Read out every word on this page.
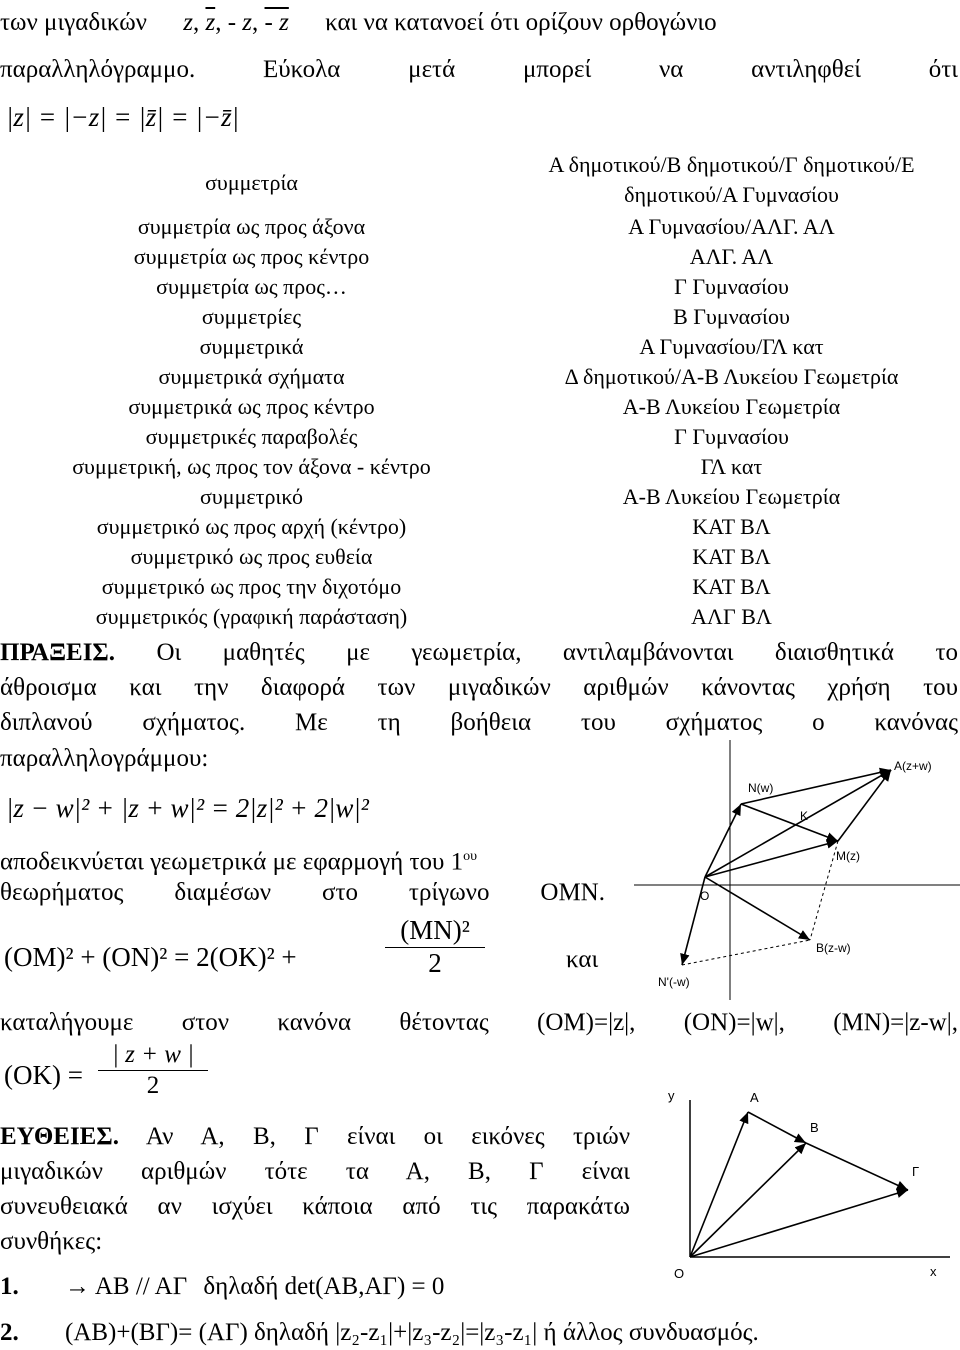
των μιγαδικών z, $\overline{z}$, - z, - z και να κατανοεί ότι ορίζουν ορθογώνιο
παραλληλόγραμμο. Εύκολα μετά μπορεί να αντιληφθεί ότι
|z| = |−z| = |z̄| = |−z̄|
συμμετρία
Α δημοτικού/Β δημοτικού/Γ δημοτικού/Ε δημοτικού/Α Γυμνασίου
συμμετρία ως προς άξονα	Α Γυμνασίου/ΑΛΓ. ΑΛ
συμμετρία ως προς κέντρο	ΑΛΓ. ΑΛ
συμμετρία ως προς…	Γ Γυμνασίου
συμμετρίες	Β Γυμνασίου
συμμετρικά	Α Γυμνασίου/ΓΛ κατ
συμμετρικά σχήματα	Δ δημοτικού/Α-Β Λυκείου Γεωμετρία
συμμετρικά ως προς κέντρο	Α-Β Λυκείου Γεωμετρία
συμμετρικές παραβολές	Γ Γυμνασίου
συμμετρική, ως προς τον άξονα - κέντρο	ΓΛ κατ
συμμετρικό	Α-Β Λυκείου Γεωμετρία
συμμετρικό ως προς αρχή (κέντρο)	ΚΑΤ ΒΛ
συμμετρικό ως προς ευθεία	ΚΑΤ ΒΛ
συμμετρικό ως προς την διχοτόμο	ΚΑΤ ΒΛ
συμμετρικός (γραφική παράσταση)	ΑΛΓ ΒΛ
ΠΡΑΞΕΙΣ. Οι μαθητές με γεωμετρία, αντιλαμβάνονται διαισθητικά το
άθροισμα και την διαφορά των μιγαδικών αριθμών κάνοντας χρήση του
διπλανού σχήματος. Με τη βοήθεια του σχήματος ο κανόνας
παραλληλογράμμου:
|z − w|² + |z + w|² = 2|z|² + 2|w|²
αποδεικνύεται γεωμετρικά με εφαρμογή του $1^{o\upsilon}$
θεωρήματος διαμέσων στο τρίγωνο ΟΜΝ.
(OM)² + (ON)² = 2(OK)² +	$\frac{\text{(MN)²}}{2}$	και
καταλήγουμε στον κανόνα θέτοντας (ΟΜ)=|z|, (ΟΝ)=|w|, (ΜΝ)=|z-w|,
$(OK) = \frac{| z + w |}{2}$
A(z+w)
N(w)
K
M(z)
O
B(z-w)
N'(-w)
ΕΥΘΕΙΕΣ. Αν Α, Β, Γ είναι οι εικόνες τριών
μιγαδικών αριθμών τότε τα Α, Β, Γ είναι
συνευθειακά αν ισχύει κάποια από τις παρακάτω
συνθήκες:
1. → AB // AΓ δηλαδή det(AB,AΓ) = 0
2. (ΑΒ)+(ΒΓ)= (ΑΓ) δηλαδή |z₂-z₁|+|z₃-z₂|=|z₃-z₁| ή άλλος συνδυασμός.
y	A
B
Γ
O	x
